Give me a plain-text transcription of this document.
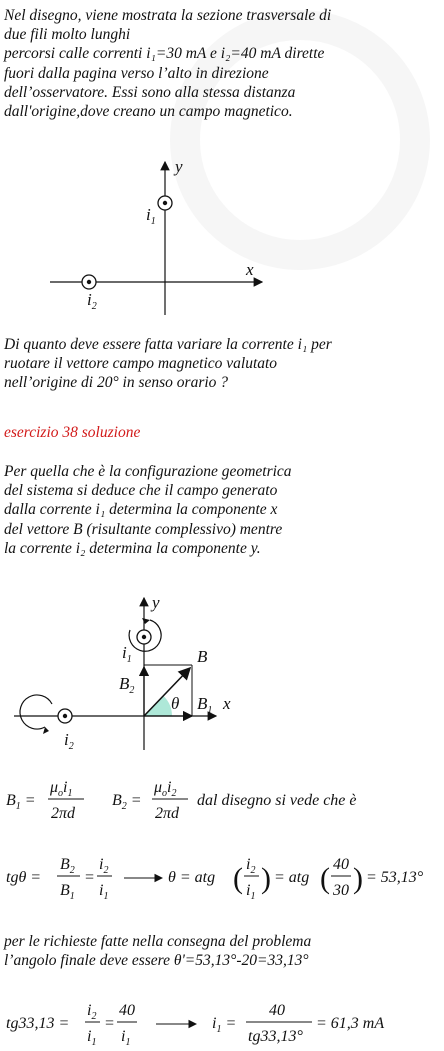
Nel disegno, viene mostrata la sezione trasversale di
due fili molto lunghi
percorsi calle correnti i₁=30 mA e i₂=40 mA dirette
fuori dalla pagina verso l’alto in direzione
dell’osservatore. Essi sono alla stessa distanza
dall'origine,dove creano un campo magnetico.
x
y
$i_1$
$i_2$
Di quanto deve essere fatta variare la corrente i₁ per
ruotare il vettore campo magnetico valutato
nell’origine di 20° in senso orario ?
esercizio 38 soluzione
Per quella che è la configurazione geometrica
del sistema si deduce che il campo generato
dalla corrente i₁ determina la componente x
del vettore B (risultante complessivo) mentre
la corrente i₂ determina la componente y.
x
y
B
$B_1$
$B_2$
θ
$i_1$
$i_2$
$B_1$ =
$\mu_oi_1$
2πd
$B_2$ =
$\mu_oi_2$
2πd
dal disegno si vede che è
tgθ =
$B_2$
$B_1$
=
$i_2$
$i_1$
θ = atg ( $i_2$
$i_1$
) = atg ( 40
30 ) = 53,13°
per le richieste fatte nella consegna del problema
l’angolo finale deve essere θ'=53,13°-20=33,13°
tg33,13 =
$i_2$
$i_1$
=
40
$i_1$
$i_1$ =
40
tg33,13°
= 61,3 mA
